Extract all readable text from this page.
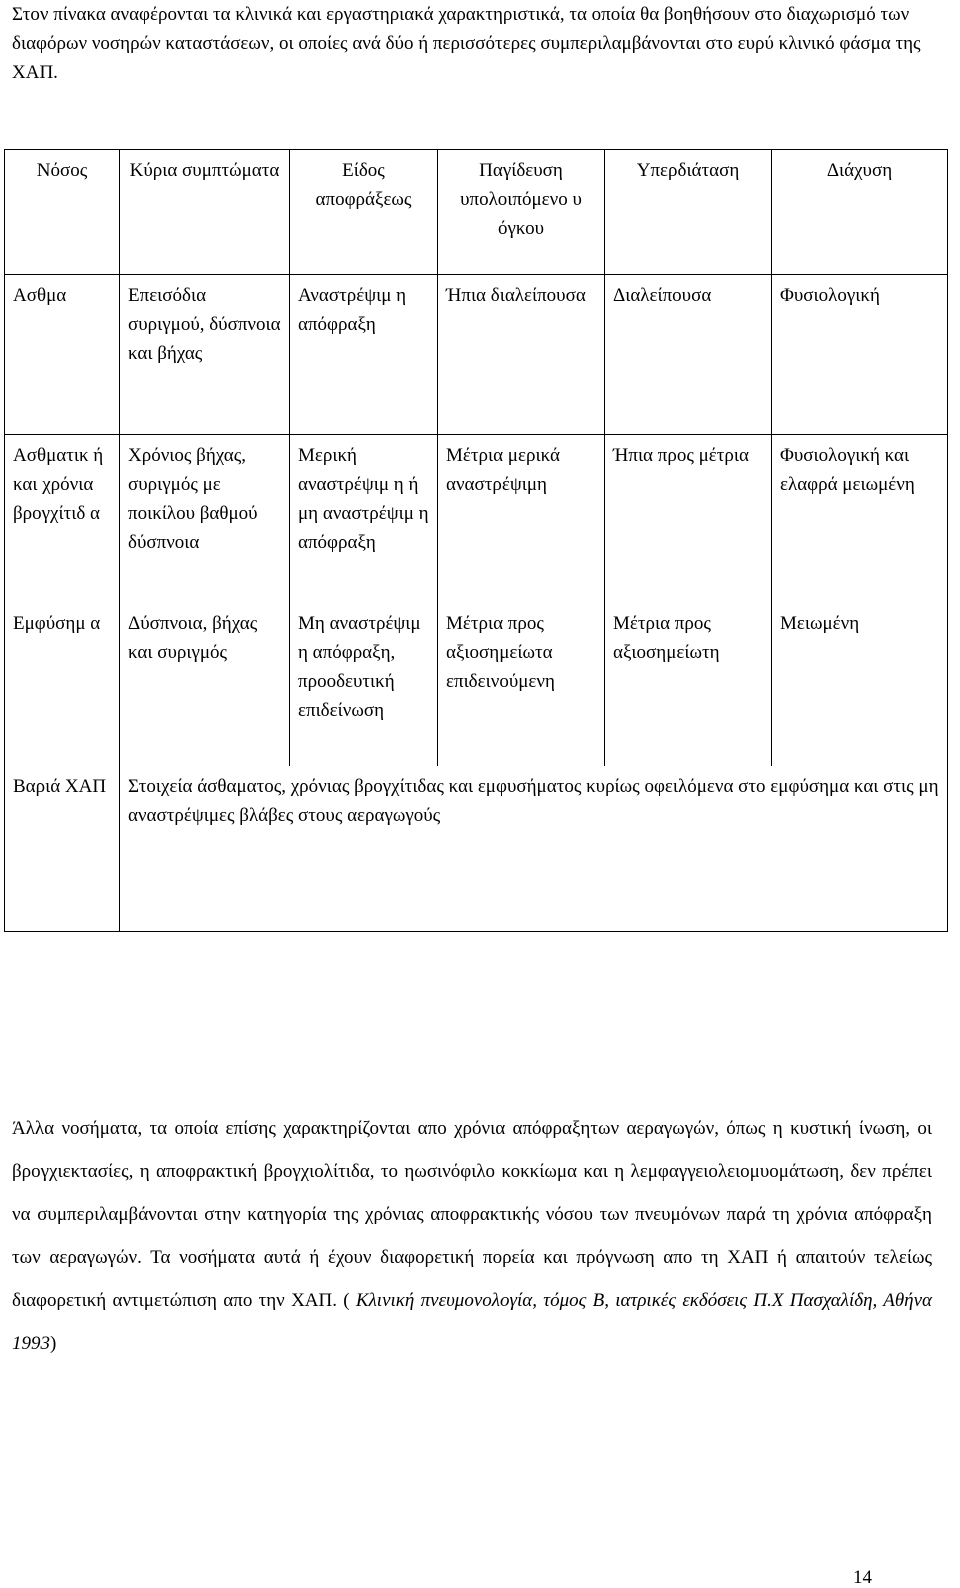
Στον πίνακα αναφέρονται τα κλινικά και εργαστηριακά χαρακτηριστικά, τα οποία θα βοηθήσουν στο διαχωρισμό των διαφόρων νοσηρών καταστάσεων, οι οποίες ανά δύο ή περισσότερες συμπεριλαμβάνονται στο ευρύ κλινικό φάσμα της ΧΑΠ.

Νόσος	Κύρια συμπτώματα	Είδος αποφράξεως	Παγίδευση υπολοιπόμενο υ όγκου	Υπερδιάταση	Διάχυση
Ασθμα	Επεισόδια συριγμού, δύσπνοια και βήχας	Αναστρέψιμ η απόφραξη	Ήπια διαλείπουσα	Διαλείπουσα	Φυσιολογική
Ασθματικ ή και χρόνια βρογχίτιδ α	Χρόνιος βήχας, συριγμός με ποικίλου βαθμού δύσπνοια	Μερική αναστρέψιμ η ή μη αναστρέψιμ η απόφραξη	Μέτρια μερικά αναστρέψιμη	Ήπια προς μέτρια	Φυσιολογική και ελαφρά μειωμένη
Εμφύσημ α	Δύσπνοια, βήχας και συριγμός	Μη αναστρέψιμ η απόφραξη, προοδευτική επιδείνωση	Μέτρια προς αξιοσημείωτα επιδεινούμενη	Μέτρια προς αξιοσημείωτη	Μειωμένη
Βαριά ΧΑΠ	Στοιχεία άσθαματος, χρόνιας βρογχίτιδας και εμφυσήματος κυρίως οφειλόμενα στο εμφύσημα και στις μη αναστρέψιμες βλάβες στους αεραγωγούς				

Άλλα νοσήματα, τα οποία επίσης χαρακτηρίζονται απο χρόνια απόφραξητων αεραγωγών, όπως η κυστική ίνωση, οι βρογχιεκτασίες, η αποφρακτική βρογχιολίτιδα, το ηωσινόφιλο κοκκίωμα και η λεμφαγγειολειομυομάτωση, δεν πρέπει να συμπεριλαμβάνονται στην κατηγορία της χρόνιας αποφρακτικής νόσου των πνευμόνων παρά τη χρόνια απόφραξη των αεραγωγών. Τα νοσήματα αυτά ή έχουν διαφορετική πορεία και πρόγνωση απο τη ΧΑΠ ή απαιτούν τελείως διαφορετική αντιμετώπιση απο την ΧΑΠ. ( Κλινική πνευμονολογία, τόμος Β, ιατρικές εκδόσεις Π.Χ Πασχαλίδη, Αθήνα 1993)

14
